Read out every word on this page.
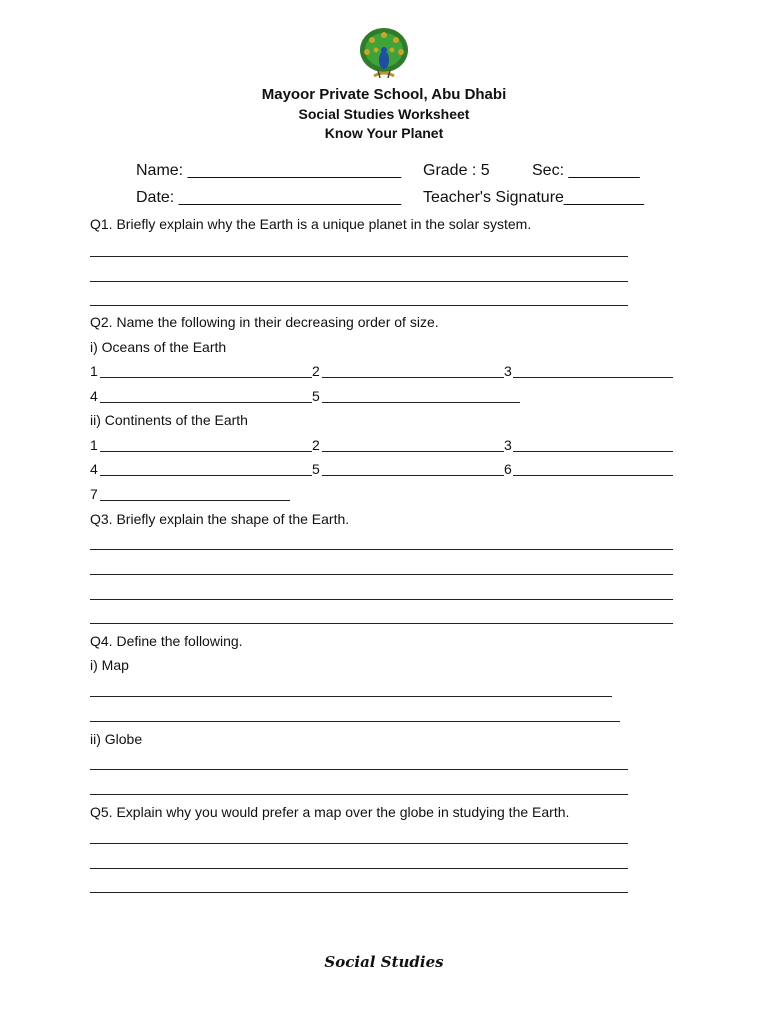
Mayoor Private School, Abu Dhabi
Social Studies Worksheet
Know Your Planet
Name: ________________________ Grade : 5	Sec: ________
Date: _________________________ Teacher's Signature_________
Q1. Briefly explain why the Earth is a unique planet in the solar system.
Q2. Name the following in their decreasing order of size.
i) Oceans of the Earth
1	2	3
4	5
ii) Continents of the Earth
1	2	3
4	5	6
7
Q3. Briefly explain the shape of the Earth.
Q4. Define the following.
i) Map
ii) Globe
Q5. Explain why you would prefer a map over the globe in studying the Earth.
Social Studies
